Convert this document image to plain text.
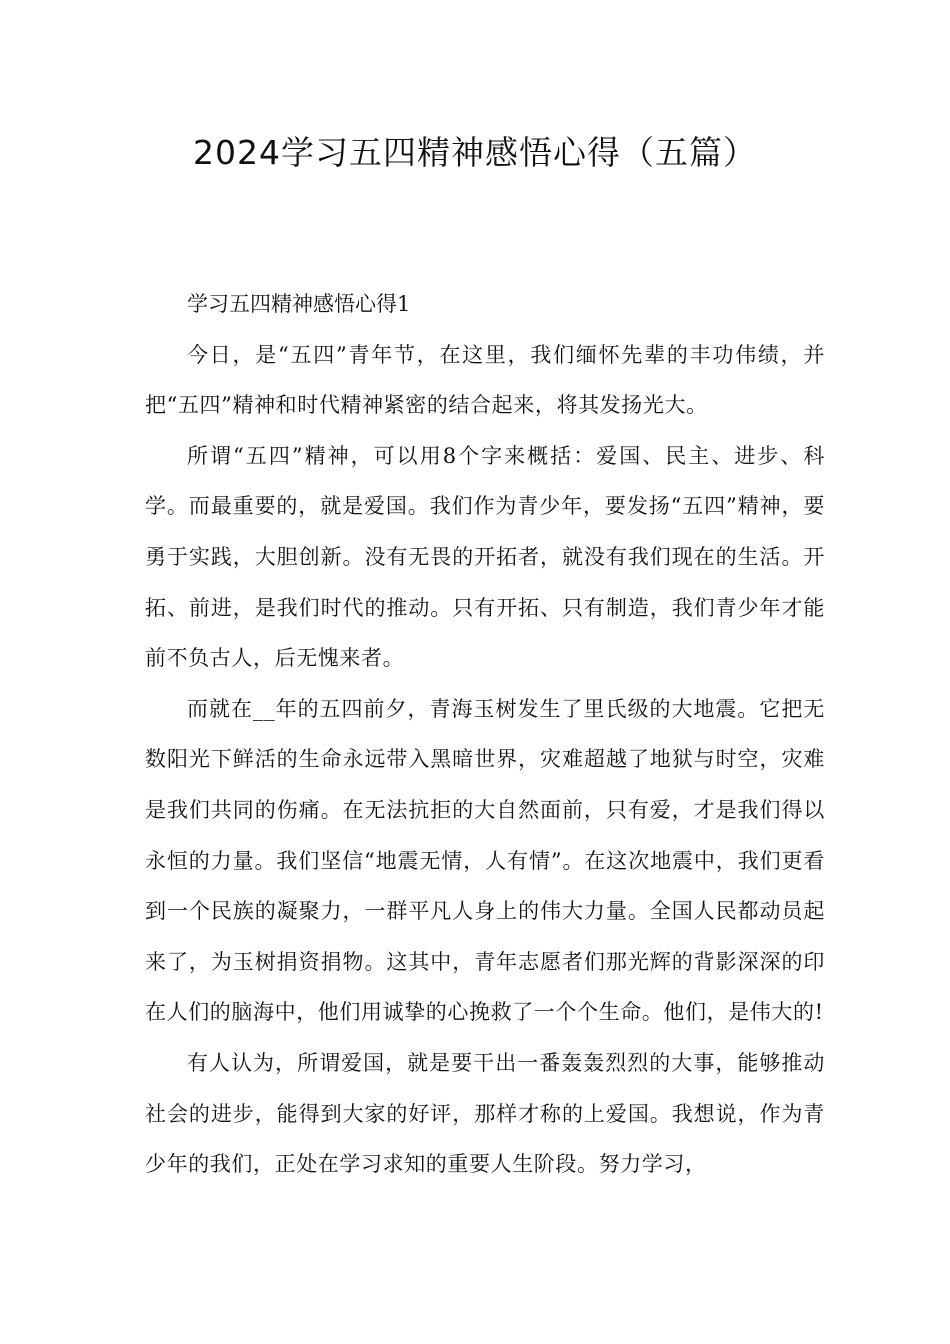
2024学习五四精神感悟心得（五篇）

学习五四精神感悟心得1

今日，是“五四”青年节，在这里，我们缅怀先辈的丰功伟绩，并把“五四”精神和时代精神紧密的结合起来，将其发扬光大。

所谓“五四”精神，可以用8个字来概括：爱国、民主、进步、科学。而最重要的，就是爱国。我们作为青少年，要发扬“五四”精神，要勇于实践，大胆创新。没有无畏的开拓者，就没有我们现在的生活。开拓、前进，是我们时代的推动。只有开拓、只有制造，我们青少年才能前不负古人，后无愧来者。

而就在__年的五四前夕，青海玉树发生了里氏级的大地震。它把无数阳光下鲜活的生命永远带入黑暗世界，灾难超越了地狱与时空，灾难是我们共同的伤痛。在无法抗拒的大自然面前，只有爱，才是我们得以永恒的力量。我们坚信“地震无情，人有情”。在这次地震中，我们更看到一个民族的凝聚力，一群平凡人身上的伟大力量。全国人民都动员起来了，为玉树捐资捐物。这其中，青年志愿者们那光辉的背影深深的印在人们的脑海中，他们用诚挚的心挽救了一个个生命。他们，是伟大的!

有人认为，所谓爱国，就是要干出一番轰轰烈烈的大事，能够推动社会的进步，能得到大家的好评，那样才称的上爱国。我想说，作为青少年的我们，正处在学习求知的重要人生阶段。努力学习，
